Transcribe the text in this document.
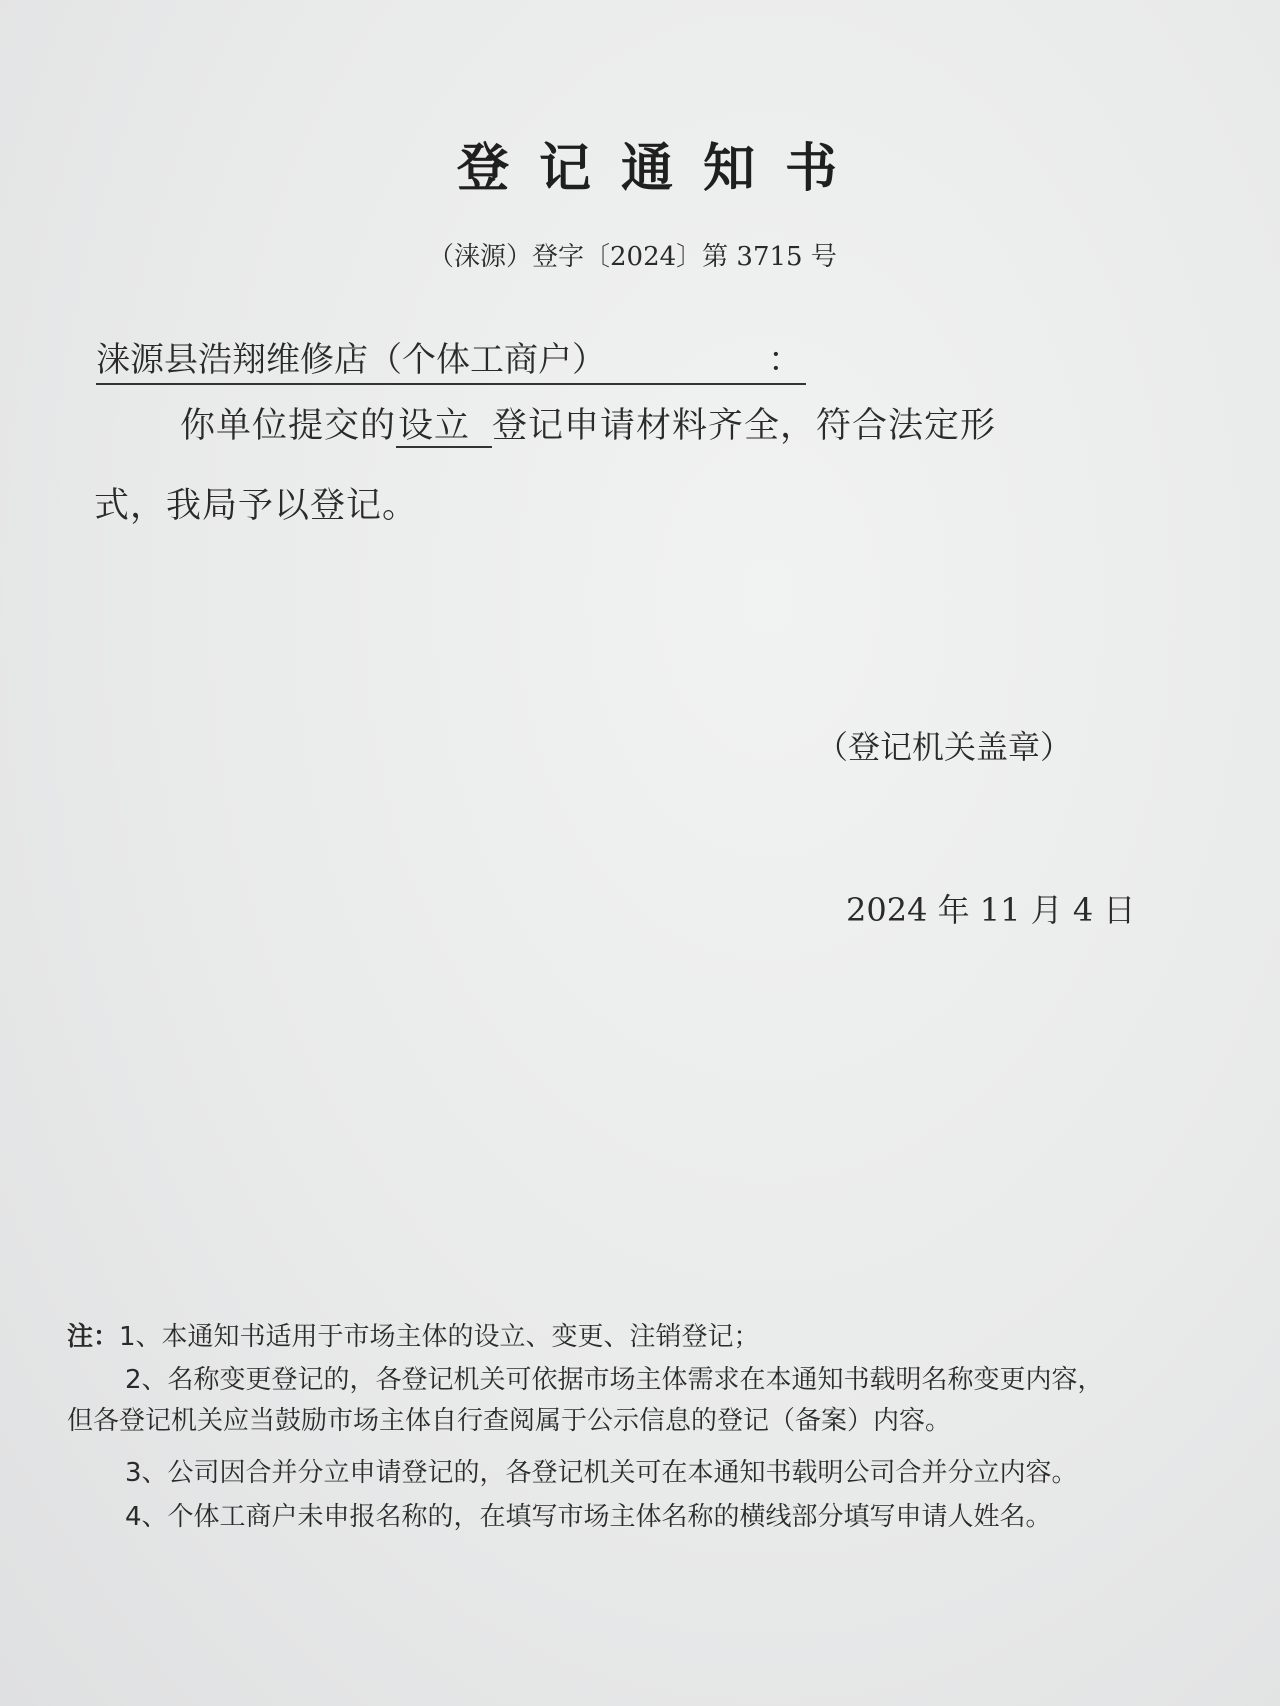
登记通知书
（涞源）登字〔2024〕第 3715 号
涞源县浩翔维修店（个体工商户）	：
你单位提交的设立 登记申请材料齐全，符合法定形
式，我局予以登记。
（登记机关盖章）
2024 年 11 月 4 日
注：1、本通知书适用于市场主体的设立、变更、注销登记；
2、名称变更登记的，各登记机关可依据市场主体需求在本通知书载明名称变更内容，
但各登记机关应当鼓励市场主体自行查阅属于公示信息的登记（备案）内容。
3、公司因合并分立申请登记的，各登记机关可在本通知书载明公司合并分立内容。
4、个体工商户未申报名称的，在填写市场主体名称的横线部分填写申请人姓名。
